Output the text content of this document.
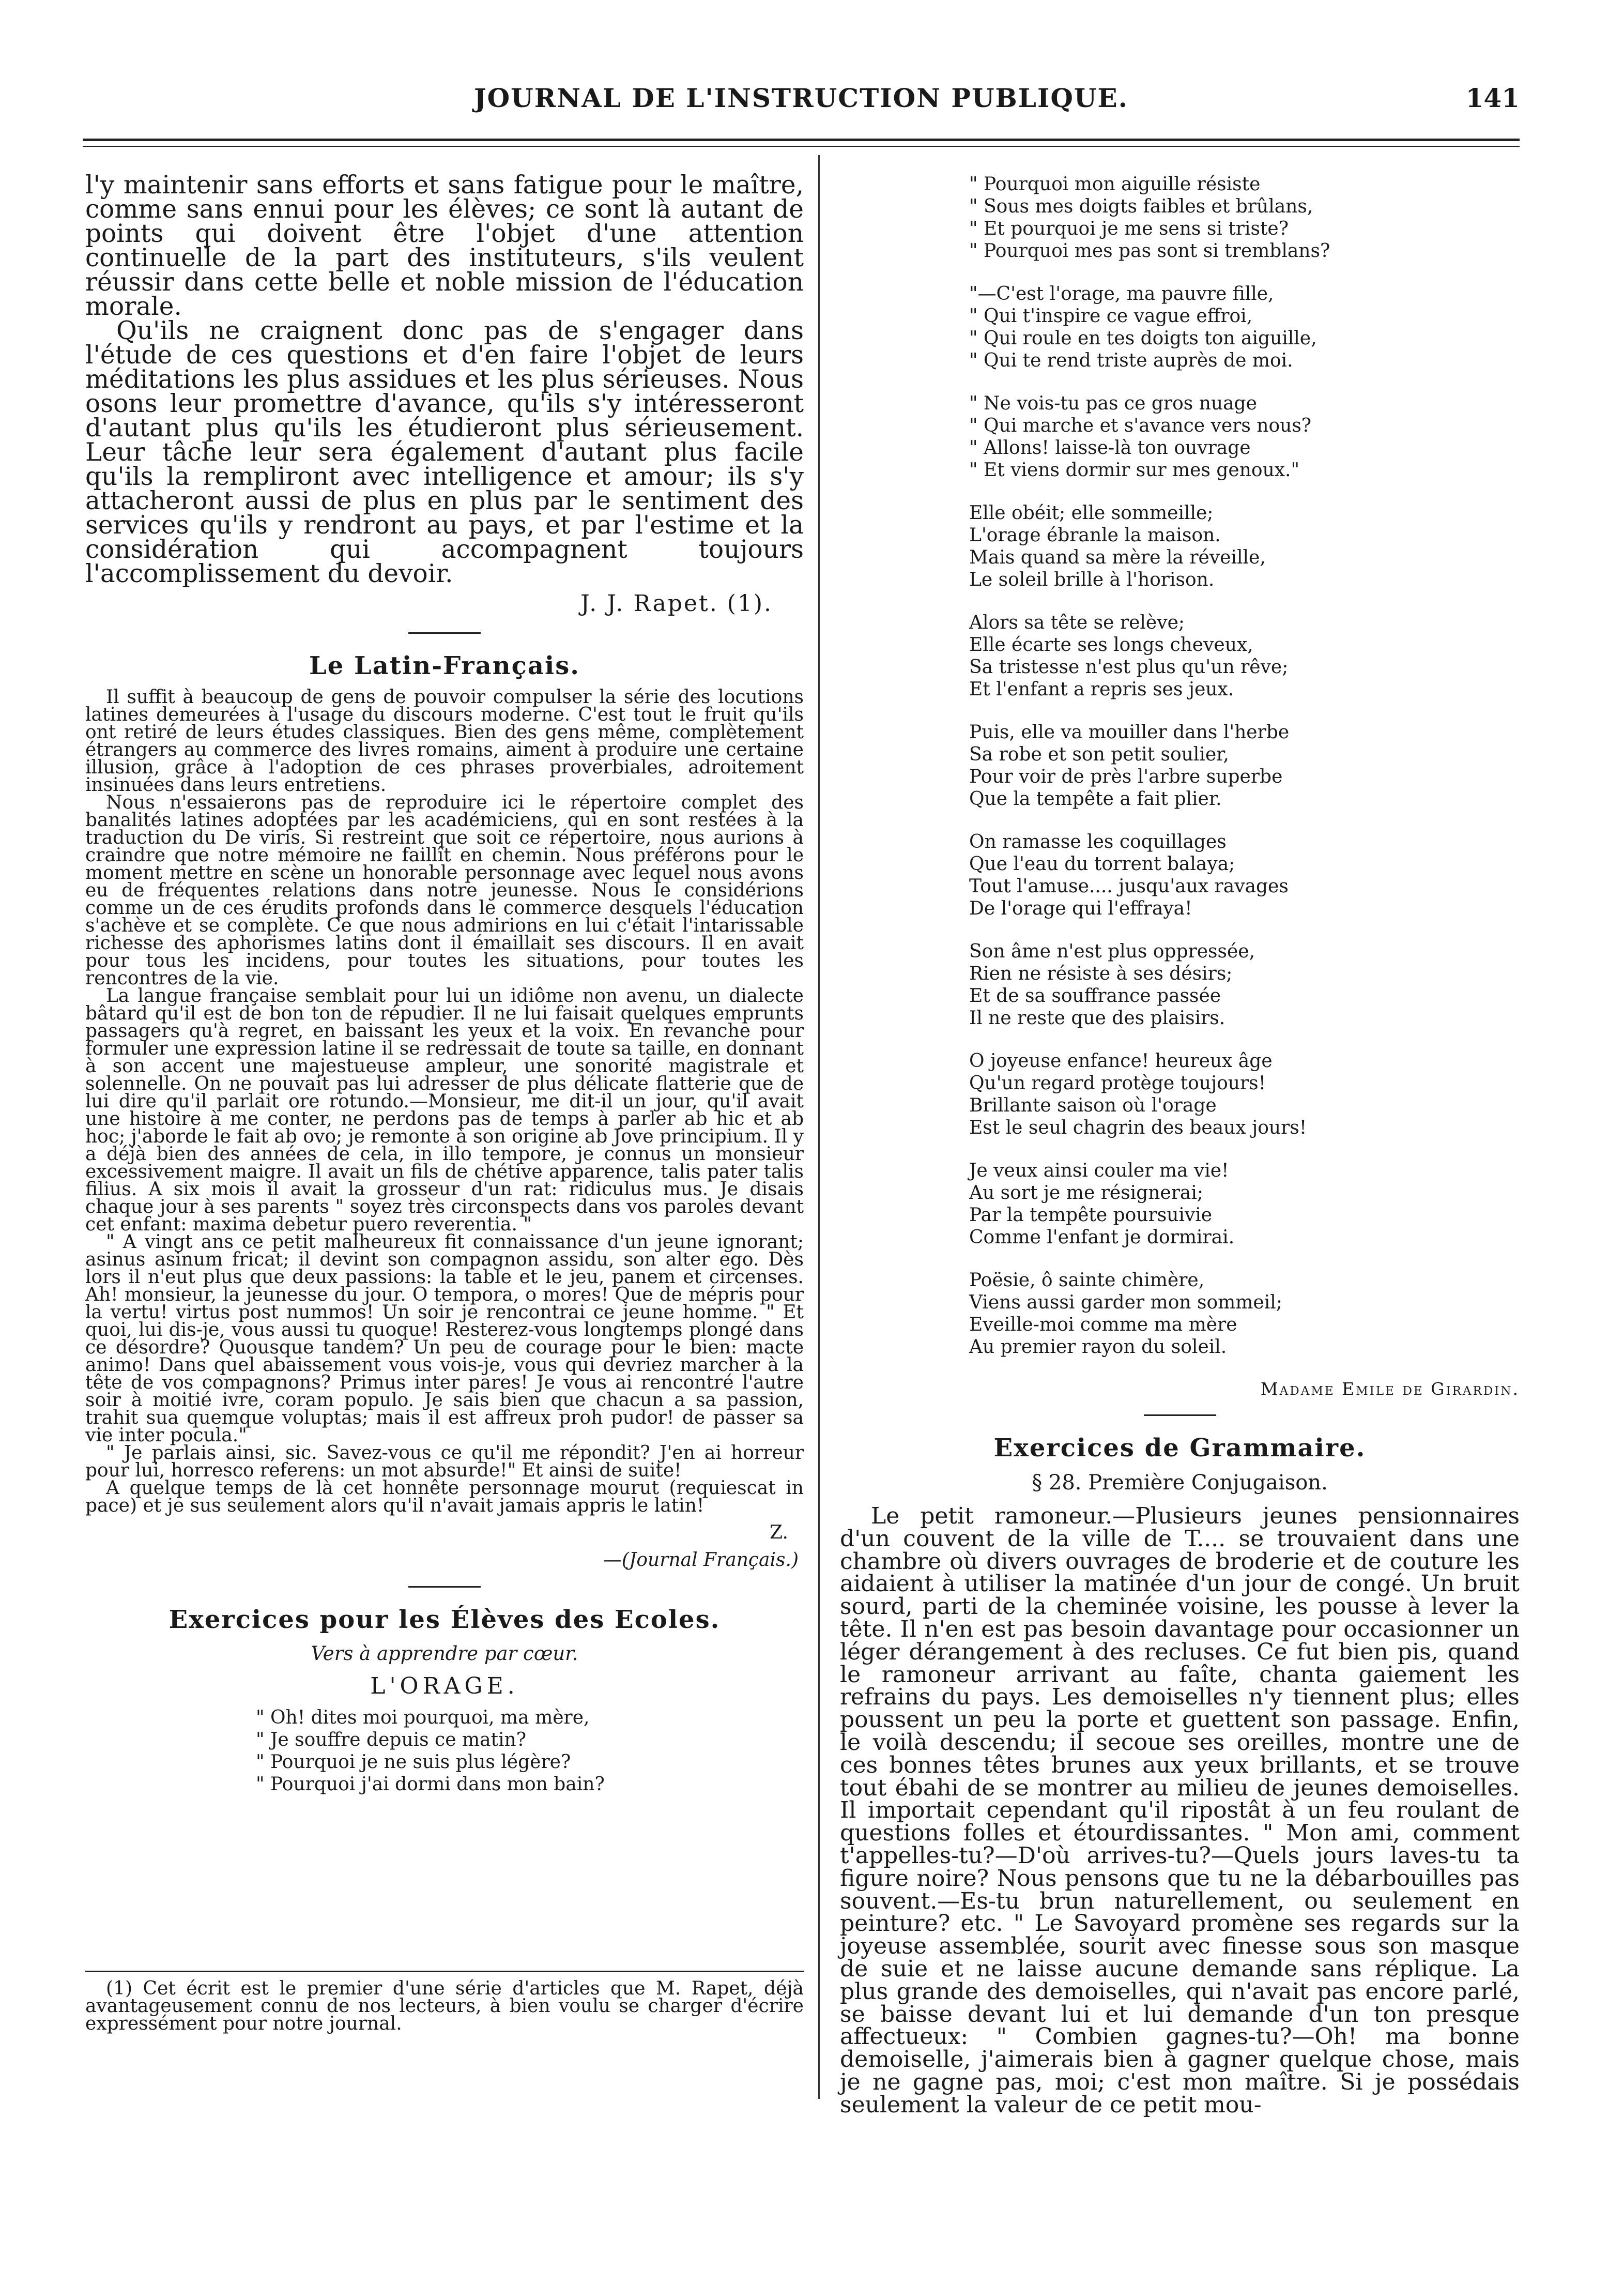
JOURNAL DE L'INSTRUCTION PUBLIQUE.	141

l'y maintenir sans efforts et sans fatigue pour le maître, comme sans ennui pour les élèves; ce sont là autant de points qui doivent être l'objet d'une attention continuelle de la part des instituteurs, s'ils veulent réussir dans cette belle et noble mission de l'éducation morale.

Qu'ils ne craignent donc pas de s'engager dans l'étude de ces questions et d'en faire l'objet de leurs méditations les plus assidues et les plus sérieuses. Nous osons leur promettre d'avance, qu'ils s'y intéresseront d'autant plus qu'ils les étudieront plus sérieusement. Leur tâche leur sera également d'autant plus facile qu'ils la rempliront avec intelligence et amour; ils s'y attacheront aussi de plus en plus par le sentiment des services qu'ils y rendront au pays, et par l'estime et la considération qui accompagnent toujours l'accomplissement du devoir.

J. J. Rapet. (1).
Le Latin-Français.

Il suffit à beaucoup de gens de pouvoir compulser la série des locutions latines demeurées à l'usage du discours moderne. C'est tout le fruit qu'ils ont retiré de leurs études classiques. Bien des gens même, complètement étrangers au commerce des livres romains, aiment à produire une certaine illusion, grâce à l'adoption de ces phrases proverbiales, adroitement insinuées dans leurs entretiens.

Nous n'essaierons pas de reproduire ici le répertoire complet des banalités latines adoptées par les académiciens, qui en sont restées à la traduction du De viris. Si restreint que soit ce répertoire, nous aurions à craindre que notre mémoire ne faillît en chemin. Nous préférons pour le moment mettre en scène un honorable personnage avec lequel nous avons eu de fréquentes relations dans notre jeunesse. Nous le considérions comme un de ces érudits profonds dans le commerce desquels l'éducation s'achève et se complète. Ce que nous admirions en lui c'était l'intarissable richesse des aphorismes latins dont il émaillait ses discours. Il en avait pour tous les incidens, pour toutes les situations, pour toutes les rencontres de la vie.

La langue française semblait pour lui un idiôme non avenu, un dialecte bâtard qu'il est de bon ton de répudier. Il ne lui faisait quelques emprunts passagers qu'à regret, en baissant les yeux et la voix. En revanche pour formuler une expression latine il se redressait de toute sa taille, en donnant à son accent une majestueuse ampleur, une sonorité magistrale et solennelle. On ne pouvait pas lui adresser de plus délicate flatterie que de lui dire qu'il parlait ore rotundo.—Monsieur, me dit-il un jour, qu'il avait une histoire à me conter, ne perdons pas de temps à parler ab hic et ab hoc; j'aborde le fait ab ovo; je remonte à son origine ab Jove principium. Il y a déjà bien des années de cela, in illo tempore, je connus un monsieur excessivement maigre. Il avait un fils de chétive apparence, talis pater talis filius. A six mois il avait la grosseur d'un rat: ridiculus mus. Je disais chaque jour à ses parents " soyez très circonspects dans vos paroles devant cet enfant: maxima debetur puero reverentia. "

" A vingt ans ce petit malheureux fit connaissance d'un jeune ignorant; asinus asinum fricat; il devint son compagnon assidu, son alter ego. Dès lors il n'eut plus que deux passions: la table et le jeu, panem et circenses. Ah! monsieur, la jeunesse du jour. O tempora, o mores! Que de mépris pour la vertu! virtus post nummos! Un soir je rencontrai ce jeune homme. " Et quoi, lui dis-je, vous aussi tu quoque! Resterez-vous longtemps plongé dans ce désordre? Quousque tandem? Un peu de courage pour le bien: macte animo! Dans quel abaissement vous vois-je, vous qui devriez marcher à la tête de vos compagnons? Primus inter pares! Je vous ai rencontré l'autre soir à moitié ivre, coram populo. Je sais bien que chacun a sa passion, trahit sua quemque voluptas; mais il est affreux proh pudor! de passer sa vie inter pocula."

" Je parlais ainsi, sic. Savez-vous ce qu'il me répondit? J'en ai horreur pour lui, horresco referens: un mot absurde!" Et ainsi de suite!

A quelque temps de là cet honnête personnage mourut (requiescat in pace) et je sus seulement alors qu'il n'avait jamais appris le latin!

Z.
—(Journal Français.)
Exercices pour les Élèves des Ecoles.
Vers à apprendre par cœur.
L'ORAGE.
" Oh! dites moi pourquoi, ma mère,
" Je souffre depuis ce matin?
" Pourquoi je ne suis plus légère?
" Pourquoi j'ai dormi dans mon bain?

(1) Cet écrit est le premier d'une série d'articles que M. Rapet, déjà avantageusement connu de nos lecteurs, à bien voulu se charger d'écrire expressément pour notre journal.

" Pourquoi mon aiguille résiste
" Sous mes doigts faibles et brûlans,
" Et pourquoi je me sens si triste?
" Pourquoi mes pas sont si tremblans?
"—C'est l'orage, ma pauvre fille,
" Qui t'inspire ce vague effroi,
" Qui roule en tes doigts ton aiguille,
" Qui te rend triste auprès de moi.
" Ne vois-tu pas ce gros nuage
" Qui marche et s'avance vers nous?
" Allons! laisse-là ton ouvrage
" Et viens dormir sur mes genoux."
Elle obéit; elle sommeille;
L'orage ébranle la maison.
Mais quand sa mère la réveille,
Le soleil brille à l'horison.
Alors sa tête se relève;
Elle écarte ses longs cheveux,
Sa tristesse n'est plus qu'un rêve;
Et l'enfant a repris ses jeux.
Puis, elle va mouiller dans l'herbe
Sa robe et son petit soulier,
Pour voir de près l'arbre superbe
Que la tempête a fait plier.
On ramasse les coquillages
Que l'eau du torrent balaya;
Tout l'amuse.... jusqu'aux ravages
De l'orage qui l'effraya!
Son âme n'est plus oppressée,
Rien ne résiste à ses désirs;
Et de sa souffrance passée
Il ne reste que des plaisirs.
O joyeuse enfance! heureux âge
Qu'un regard protège toujours!
Brillante saison où l'orage
Est le seul chagrin des beaux jours!
Je veux ainsi couler ma vie!
Au sort je me résignerai;
Par la tempête poursuivie
Comme l'enfant je dormirai.
Poësie, ô sainte chimère,
Viens aussi garder mon sommeil;
Eveille-moi comme ma mère
Au premier rayon du soleil.
Madame Emile de Girardin.
Exercices de Grammaire.
§ 28. Première Conjugaison.

Le petit ramoneur.—Plusieurs jeunes pensionnaires d'un couvent de la ville de T.... se trouvaient dans une chambre où divers ouvrages de broderie et de couture les aidaient à utiliser la matinée d'un jour de congé. Un bruit sourd, parti de la cheminée voisine, les pousse à lever la tête. Il n'en est pas besoin davantage pour occasionner un léger dérangement à des recluses. Ce fut bien pis, quand le ramoneur arrivant au faîte, chanta gaiement les refrains du pays. Les demoiselles n'y tiennent plus; elles poussent un peu la porte et guettent son passage. Enfin, le voilà descendu; il secoue ses oreilles, montre une de ces bonnes têtes brunes aux yeux brillants, et se trouve tout ébahi de se montrer au milieu de jeunes demoiselles. Il importait cependant qu'il ripostât à un feu roulant de questions folles et étourdissantes. " Mon ami, comment t'appelles-tu?—D'où arrives-tu?—Quels jours laves-tu ta figure noire? Nous pensons que tu ne la débarbouilles pas souvent.—Es-tu brun naturellement, ou seulement en peinture? etc. " Le Savoyard promène ses regards sur la joyeuse assemblée, sourit avec finesse sous son masque de suie et ne laisse aucune demande sans réplique. La plus grande des demoiselles, qui n'avait pas encore parlé, se baisse devant lui et lui demande d'un ton presque affectueux: " Combien gagnes-tu?—Oh! ma bonne demoiselle, j'aimerais bien à gagner quelque chose, mais je ne gagne pas, moi; c'est mon maître. Si je possédais seulement la valeur de ce petit mou-
